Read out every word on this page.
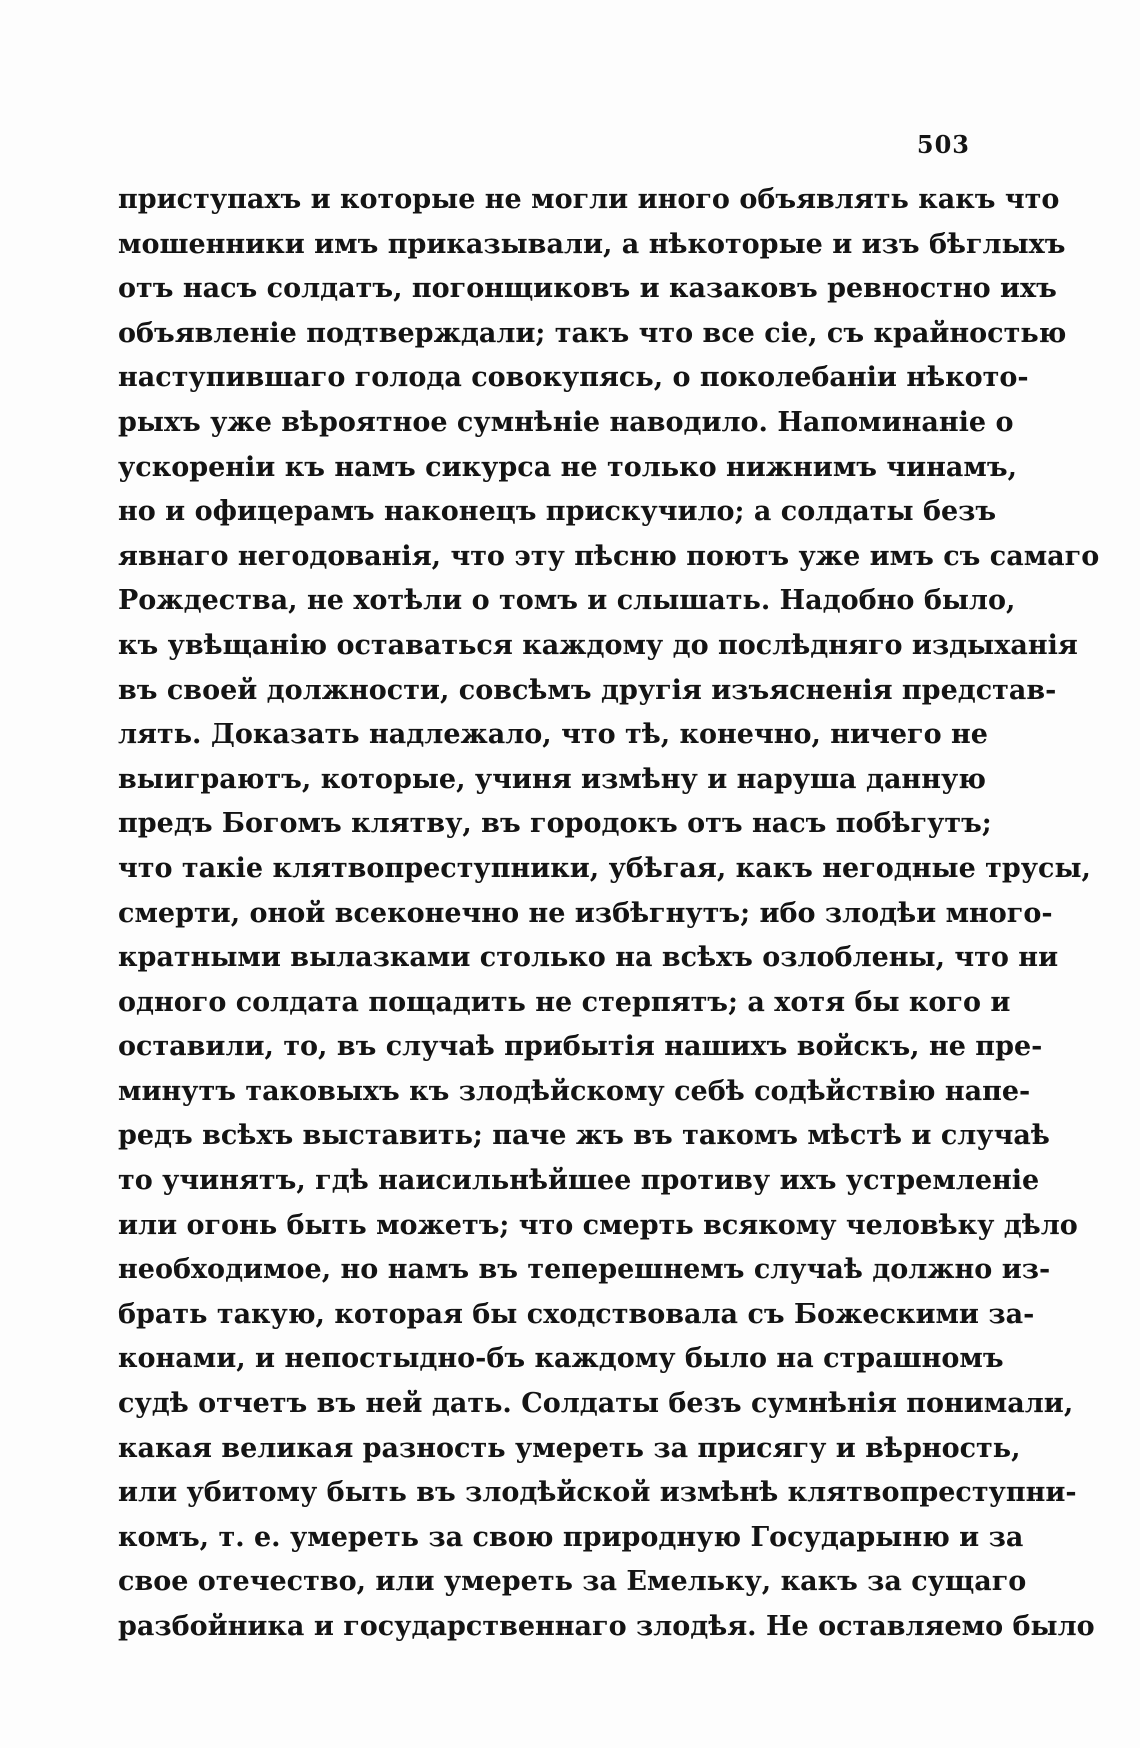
503
приступахъ и которые не могли иного объявлять какъ что
мошенники имъ приказывали, а нѣкоторые и изъ бѣглыхъ
отъ насъ солдатъ, погонщиковъ и казаковъ ревностно ихъ
объявленіе подтверждали; такъ что все сіе, съ крайностью
наступившаго голода совокупясь, о поколебаніи нѣкото-
рыхъ уже вѣроятное сумнѣніе наводило. Напоминаніе о
ускореніи къ намъ сикурса не только нижнимъ чинамъ,
но и офицерамъ наконецъ прискучило; а солдаты безъ
явнаго негодованія, что эту пѣсню поютъ уже имъ съ самаго
Рождества, не хотѣли о томъ и слышать. Надобно было,
къ увѣщанію оставаться каждому до послѣдняго издыханія
въ своей должности, совсѣмъ другія изъясненія представ-
лять. Доказать надлежало, что тѣ, конечно, ничего не
выиграютъ, которые, учиня измѣну и наруша данную
предъ Богомъ клятву, въ городокъ отъ насъ побѣгутъ;
что такіе клятвопреступники, убѣгая, какъ негодные трусы,
смерти, оной всеконечно не избѣгнутъ; ибо злодѣи много-
кратными вылазками столько на всѣхъ озлоблены, что ни
одного солдата пощадить не стерпятъ; а хотя бы кого и
оставили, то, въ случаѣ прибытія нашихъ войскъ, не пре-
минутъ таковыхъ къ злодѣйскому себѣ содѣйствію напе-
редъ всѣхъ выставить; паче жъ въ такомъ мѣстѣ и случаѣ
то учинятъ, гдѣ наисильнѣйшее противу ихъ устремленіе
или огонь быть можетъ; что смерть всякому человѣку дѣло
необходимое, но намъ въ теперешнемъ случаѣ должно из-
брать такую, которая бы сходствовала съ Божескими за-
конами, и непостыдно-бъ каждому было на страшномъ
судѣ отчетъ въ ней дать. Солдаты безъ сумнѣнія понимали,
какая великая разность умереть за присягу и вѣрность,
или убитому быть въ злодѣйской измѣнѣ клятвопреступни-
комъ, т. е. умереть за свою природную Государыню и за
свое отечество, или умереть за Емельку, какъ за сущаго
разбойника и государственнаго злодѣя. Не оставляемо было
